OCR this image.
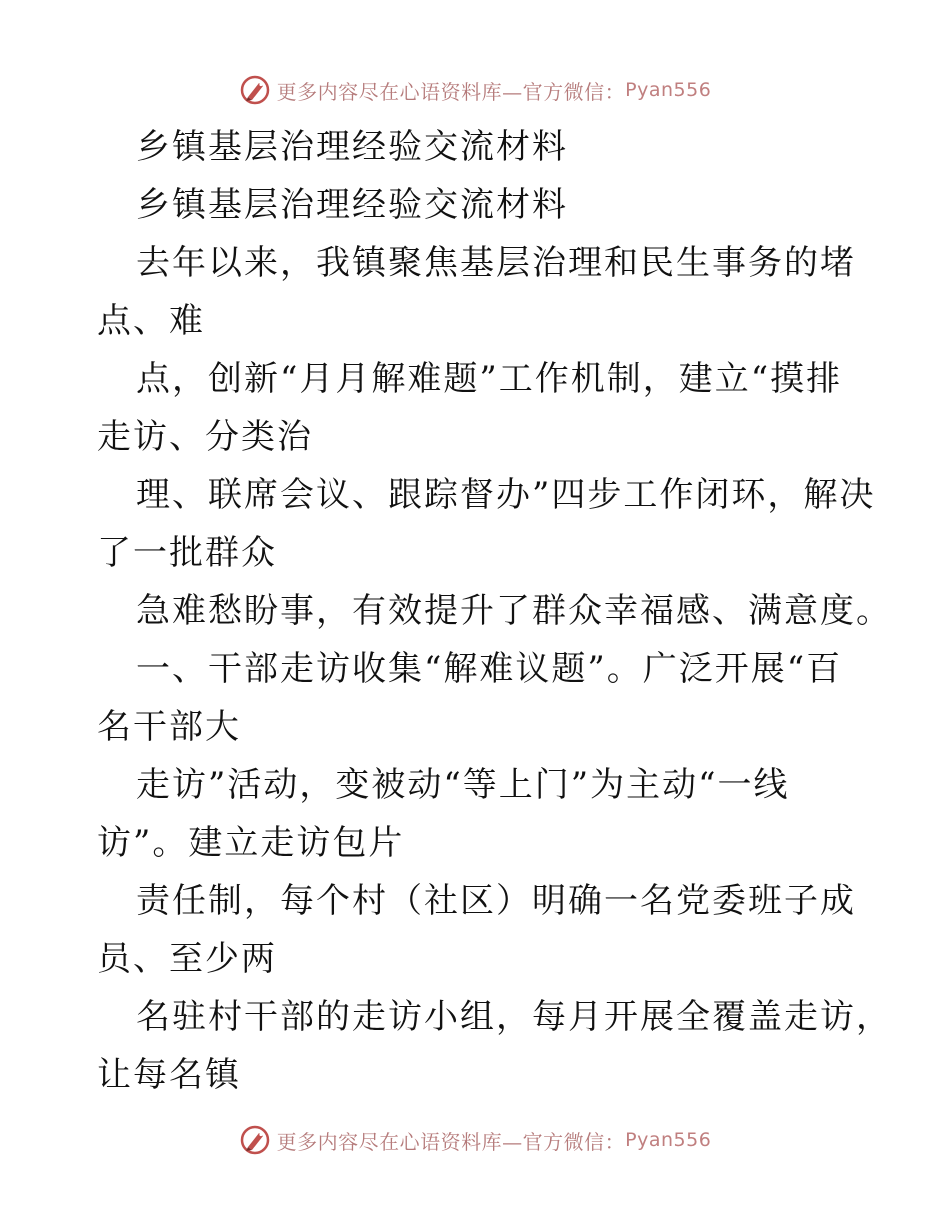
更多内容尽在心语资料库—官方微信： Pyan556
乡镇基层治理经验交流材料
乡镇基层治理经验交流材料
去年以来，我镇聚焦基层治理和民生事务的堵
点、难
点，创新“月月解难题”工作机制，建立“摸排
走访、分类治
理、联席会议、跟踪督办”四步工作闭环，解决
了一批群众
急难愁盼事，有效提升了群众幸福感、满意度。
一、干部走访收集“解难议题”。广泛开展“百
名干部大
走访”活动，变被动“等上门”为主动“一线
访”。建立走访包片
责任制，每个村（社区）明确一名党委班子成
员、至少两
名驻村干部的走访小组，每月开展全覆盖走访，
让每名镇
更多内容尽在心语资料库—官方微信： Pyan556
